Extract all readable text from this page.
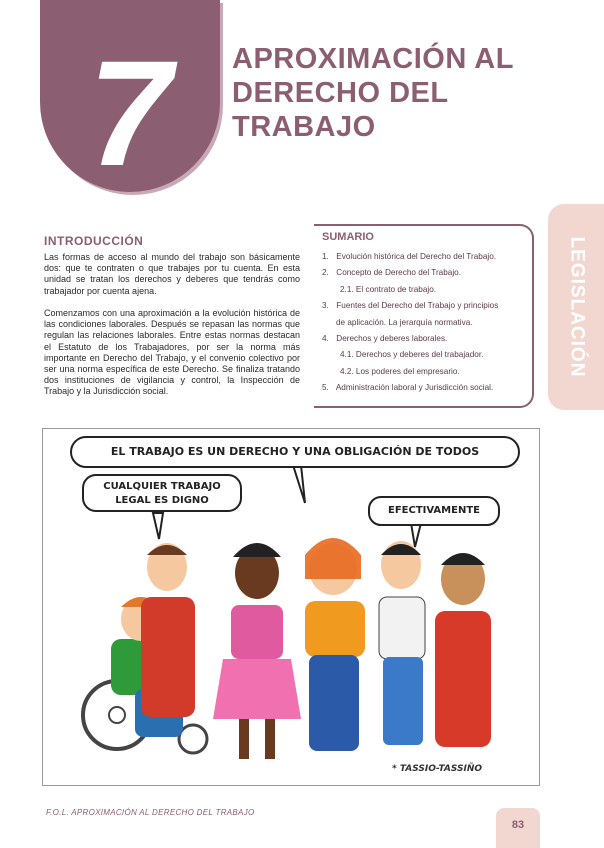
7	APROXIMACIÓN AL
DERECHO DEL TRABAJO
LEGISLACIÓN
INTRODUCCIÓN
Las formas de acceso al mundo del trabajo son básicamente dos: que te contraten o que trabajes por tu cuenta. En esta unidad se tratan los derechos y deberes que tendrás como trabajador por cuenta ajena.
Comenzamos con una aproximación a la evolución histórica de las condiciones laborales. Después se repasan las normas que regulan las relaciones laborales. Entre estas normas destacan el Estatuto de los Trabajadores, por ser la norma más importante en Derecho del Trabajo, y el convenio colectivo por ser una norma específica de este Derecho. Se finaliza tratando dos instituciones de vigilancia y control, la Inspección de Trabajo y la Jurisdicción social.
SUMARIO
1. Evolución histórica del Derecho del Trabajo.
2. Concepto de Derecho del Trabajo.
2.1. El contrato de trabajo.
3. Fuentes del Derecho del Trabajo y principios
de aplicación. La jerarquía normativa.
4. Derechos y deberes laborales.
4.1. Derechos y deberes del trabajador.
4.2. Los poderes del empresario.
5. Administración laboral y Jurisdicción social.
EL TRABAJO ES UN DERECHO Y UNA OBLIGACIÓN DE TODOS
CUALQUIER TRABAJO
LEGAL ES DIGNO
EFECTIVAMENTE
* TASSIO-TASSIÑO
F.O.L. APROXIMACIÓN AL DERECHO DEL TRABAJO
83
